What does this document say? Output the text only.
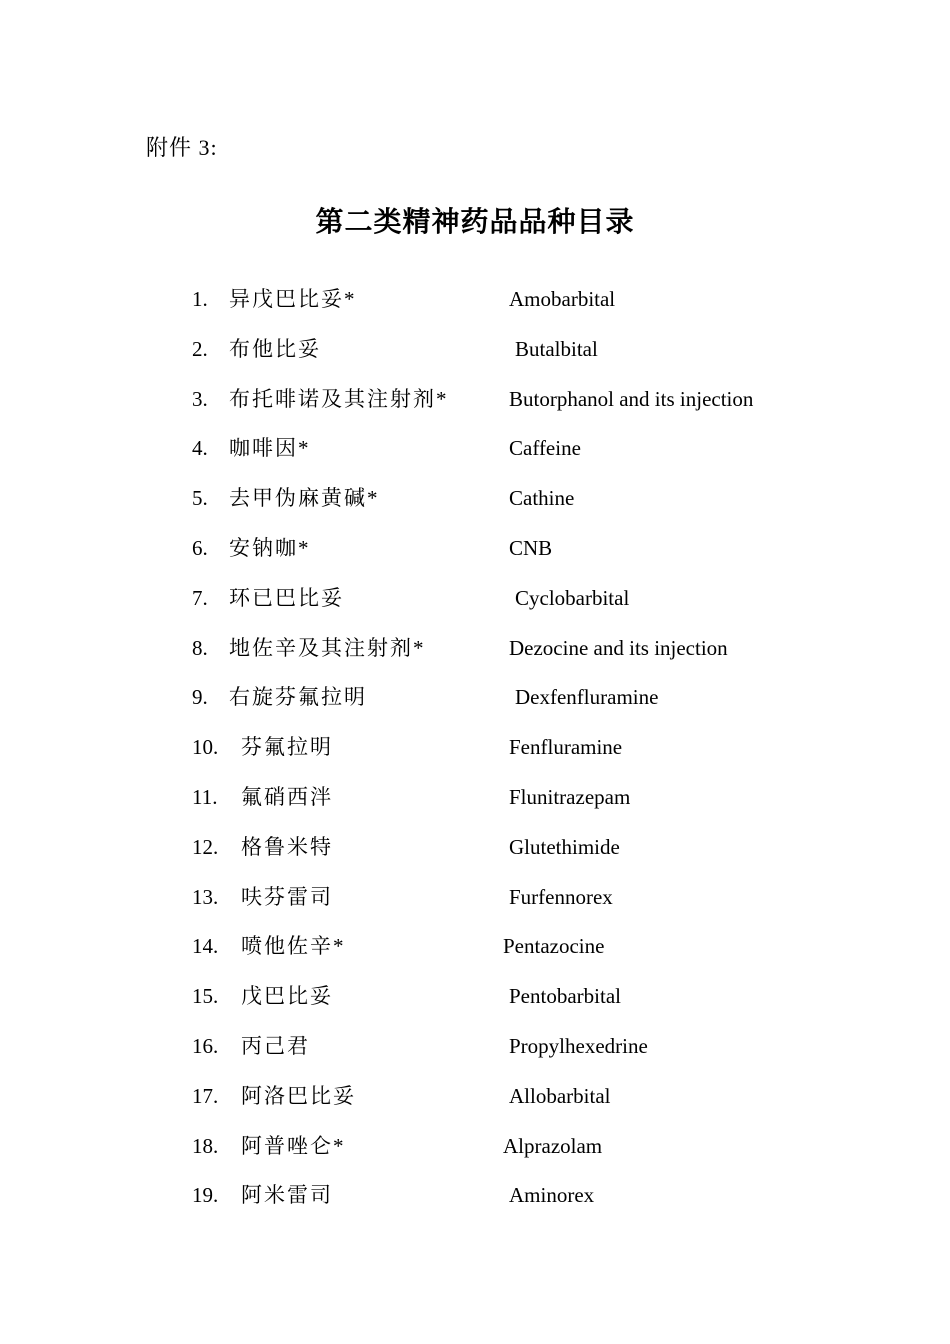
附件 3:
第二类精神药品品种目录
1. 异戊巴比妥*	Amobarbital
2. 布他比妥	Butalbital
3. 布托啡诺及其注射剂*	Butorphanol and its injection
4. 咖啡因*	Caffeine
5. 去甲伪麻黄碱*	Cathine
6. 安钠咖*	CNB
7. 环已巴比妥	Cyclobarbital
8. 地佐辛及其注射剂*	Dezocine and its injection
9. 右旋芬氟拉明	Dexfenfluramine
10. 芬氟拉明	Fenfluramine
11. 氟硝西泮	Flunitrazepam
12. 格鲁米特	Glutethimide
13. 呋芬雷司	Furfennorex
14. 喷他佐辛*	Pentazocine
15. 戊巴比妥	Pentobarbital
16. 丙己君	Propylhexedrine
17. 阿洛巴比妥	Allobarbital
18. 阿普唑仑*	Alprazolam
19. 阿米雷司	Aminorex
